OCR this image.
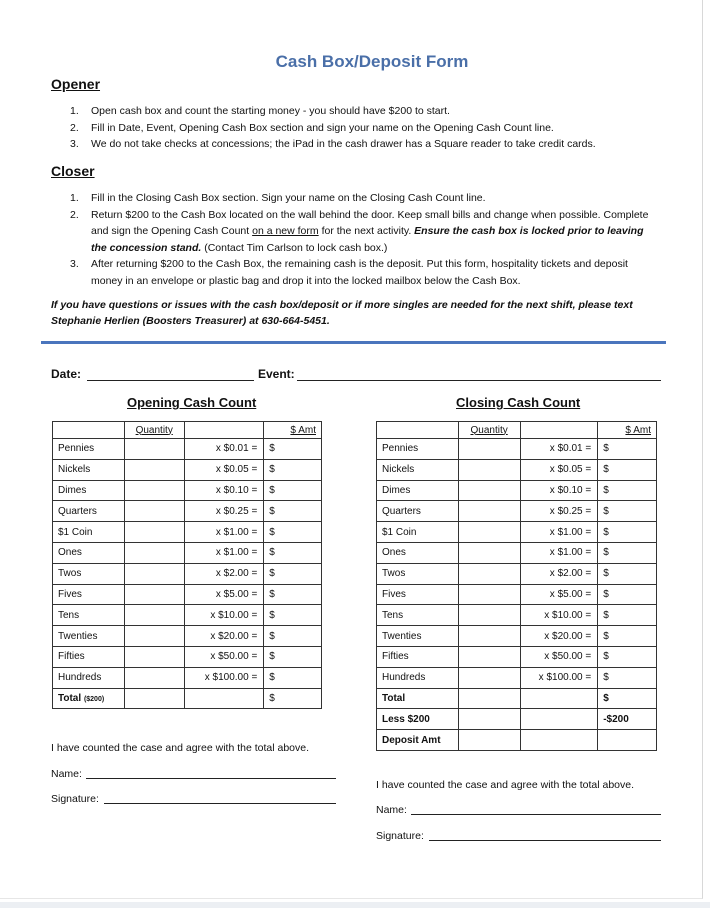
Cash Box/Deposit Form
Opener
1. Open cash box and count the starting money - you should have $200 to start.
2. Fill in Date, Event, Opening Cash Box section and sign your name on the Opening Cash Count line.
3. We do not take checks at concessions; the iPad in the cash drawer has a Square reader to take credit cards.
Closer
1. Fill in the Closing Cash Box section. Sign your name on the Closing Cash Count line.
2. Return $200 to the Cash Box located on the wall behind the door. Keep small bills and change when possible. Complete and sign the Opening Cash Count on a new form for the next activity. Ensure the cash box is locked prior to leaving the concession stand. (Contact Tim Carlson to lock cash box.)
3. After returning $200 to the Cash Box, the remaining cash is the deposit. Put this form, hospitality tickets and deposit money in an envelope or plastic bag and drop it into the locked mailbox below the Cash Box.
If you have questions or issues with the cash box/deposit or if more singles are needed for the next shift, please text Stephanie Herlien (Boosters Treasurer) at 630-664-5451.
Date:	Event:
Opening Cash Count
	Quantity		$ Amt
Pennies		x $0.01 =	$
Nickels		x $0.05 =	$
Dimes		x $0.10 =	$
Quarters		x $0.25 =	$
$1 Coin		x $1.00 =	$
Ones		x $1.00 =	$
Twos		x $2.00 =	$
Fives		x $5.00 =	$
Tens		x $10.00 =	$
Twenties		x $20.00 =	$
Fifties		x $50.00 =	$
Hundreds		x $100.00 =	$
Total ($200)			$
I have counted the case and agree with the total above.
Name:
Signature:
Closing Cash Count
	Quantity		$ Amt
Pennies		x $0.01 =	$
Nickels		x $0.05 =	$
Dimes		x $0.10 =	$
Quarters		x $0.25 =	$
$1 Coin		x $1.00 =	$
Ones		x $1.00 =	$
Twos		x $2.00 =	$
Fives		x $5.00 =	$
Tens		x $10.00 =	$
Twenties		x $20.00 =	$
Fifties		x $50.00 =	$
Hundreds		x $100.00 =	$
Total			$
Less $200			-$200
Deposit Amt			
I have counted the case and agree with the total above.
Name:
Signature:
